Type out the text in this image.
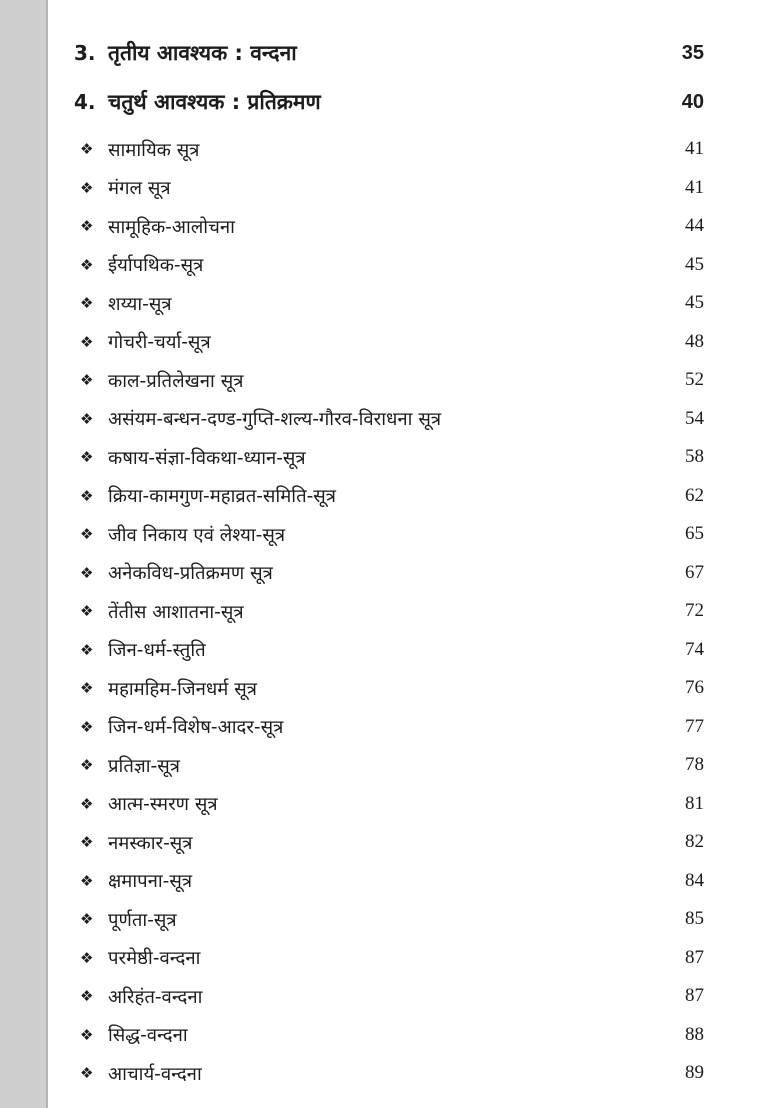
3. तृतीय आवश्यक : वन्दना	35
4. चतुर्थ आवश्यक : प्रतिक्रमण	40
❖ सामायिक सूत्र	41
❖ मंगल सूत्र	41
❖ सामूहिक-आलोचना	44
❖ ईर्यापथिक-सूत्र	45
❖ शय्या-सूत्र	45
❖ गोचरी-चर्या-सूत्र	48
❖ काल-प्रतिलेखना सूत्र	52
❖ असंयम-बन्धन-दण्ड-गुप्ति-शल्य-गौरव-विराधना सूत्र	54
❖ कषाय-संज्ञा-विकथा-ध्यान-सूत्र	58
❖ क्रिया-कामगुण-महाव्रत-समिति-सूत्र	62
❖ जीव निकाय एवं लेश्या-सूत्र	65
❖ अनेकविध-प्रतिक्रमण सूत्र	67
❖ तेंतीस आशातना-सूत्र	72
❖ जिन-धर्म-स्तुति	74
❖ महामहिम-जिनधर्म सूत्र	76
❖ जिन-धर्म-विशेष-आदर-सूत्र	77
❖ प्रतिज्ञा-सूत्र	78
❖ आत्म-स्मरण सूत्र	81
❖ नमस्कार-सूत्र	82
❖ क्षमापना-सूत्र	84
❖ पूर्णता-सूत्र	85
❖ परमेष्ठी-वन्दना	87
❖ अरिहंत-वन्दना	87
❖ सिद्ध-वन्दना	88
❖ आचार्य-वन्दना	89
